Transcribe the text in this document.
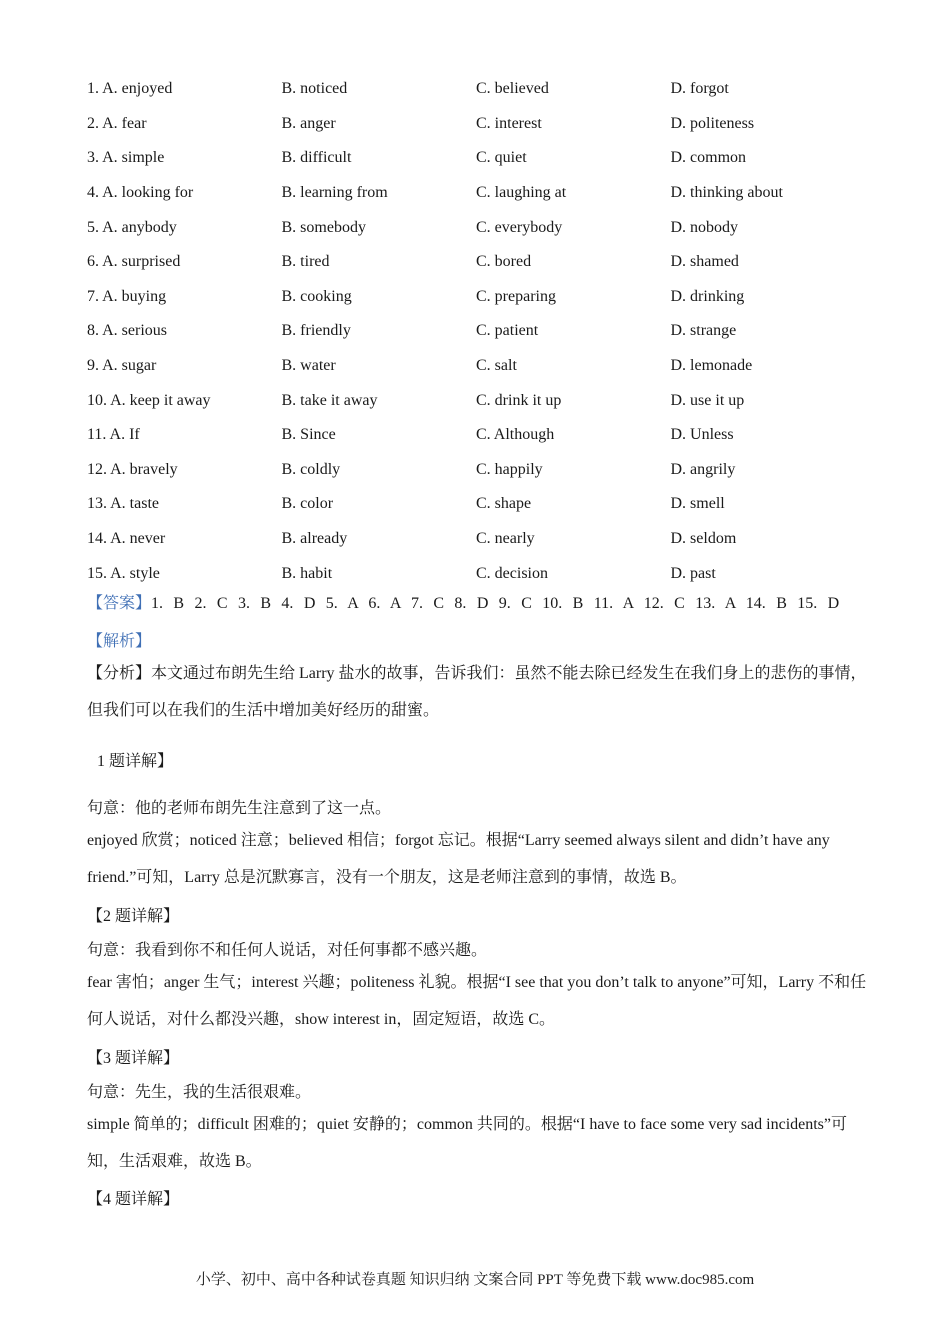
1. A. enjoyed	B. noticed	C. believed	D. forgot
2. A. fear	B. anger	C. interest	D. politeness
3. A. simple	B. difficult	C. quiet	D. common
4. A. looking for	B. learning from	C. laughing at	D. thinking about
5. A. anybody	B. somebody	C. everybody	D. nobody
6. A. surprised	B. tired	C. bored	D. shamed
7. A. buying	B. cooking	C. preparing	D. drinking
8. A. serious	B. friendly	C. patient	D. strange
9. A. sugar	B. water	C. salt	D. lemonade
10. A. keep it away	B. take it away	C. drink it up	D. use it up
11. A. If	B. Since	C. Although	D. Unless
12. A. bravely	B. coldly	C. happily	D. angrily
13. A. taste	B. color	C. shape	D. smell
14. A. never	B. already	C. nearly	D. seldom
15. A. style	B. habit	C. decision	D. past
【答案】1. B 2. C 3. B 4. D 5. A 6. A 7. C 8. D 9. C 10. B 11. A 12. C 13. A 14. B 15. D
【解析】
【分析】本文通过布朗先生给 Larry 盐水的故事，告诉我们：虽然不能去除已经发生在我们身上的悲伤的事情，但我们可以在我们的生活中增加美好经历的甜蜜。
1 题详解】
句意：他的老师布朗先生注意到了这一点。
enjoyed 欣赏；noticed 注意；believed 相信；forgot 忘记。根据“Larry seemed always silent and didn’t have any friend.”可知，Larry 总是沉默寡言，没有一个朋友，这是老师注意到的事情，故选 B。
【2 题详解】
句意：我看到你不和任何人说话，对任何事都不感兴趣。
fear 害怕；anger 生气；interest 兴趣；politeness 礼貌。根据“I see that you don’t talk to anyone”可知，Larry 不和任何人说话，对什么都没兴趣，show interest in，固定短语，故选 C。
【3 题详解】
句意：先生，我的生活很艰难。
simple 简单的；difficult 困难的；quiet 安静的；common 共同的。根据“I have to face some very sad incidents”可知，生活艰难，故选 B。
【4 题详解】
小学、初中、高中各种试卷真题 知识归纳 文案合同 PPT 等免费下载 www.doc985.com
